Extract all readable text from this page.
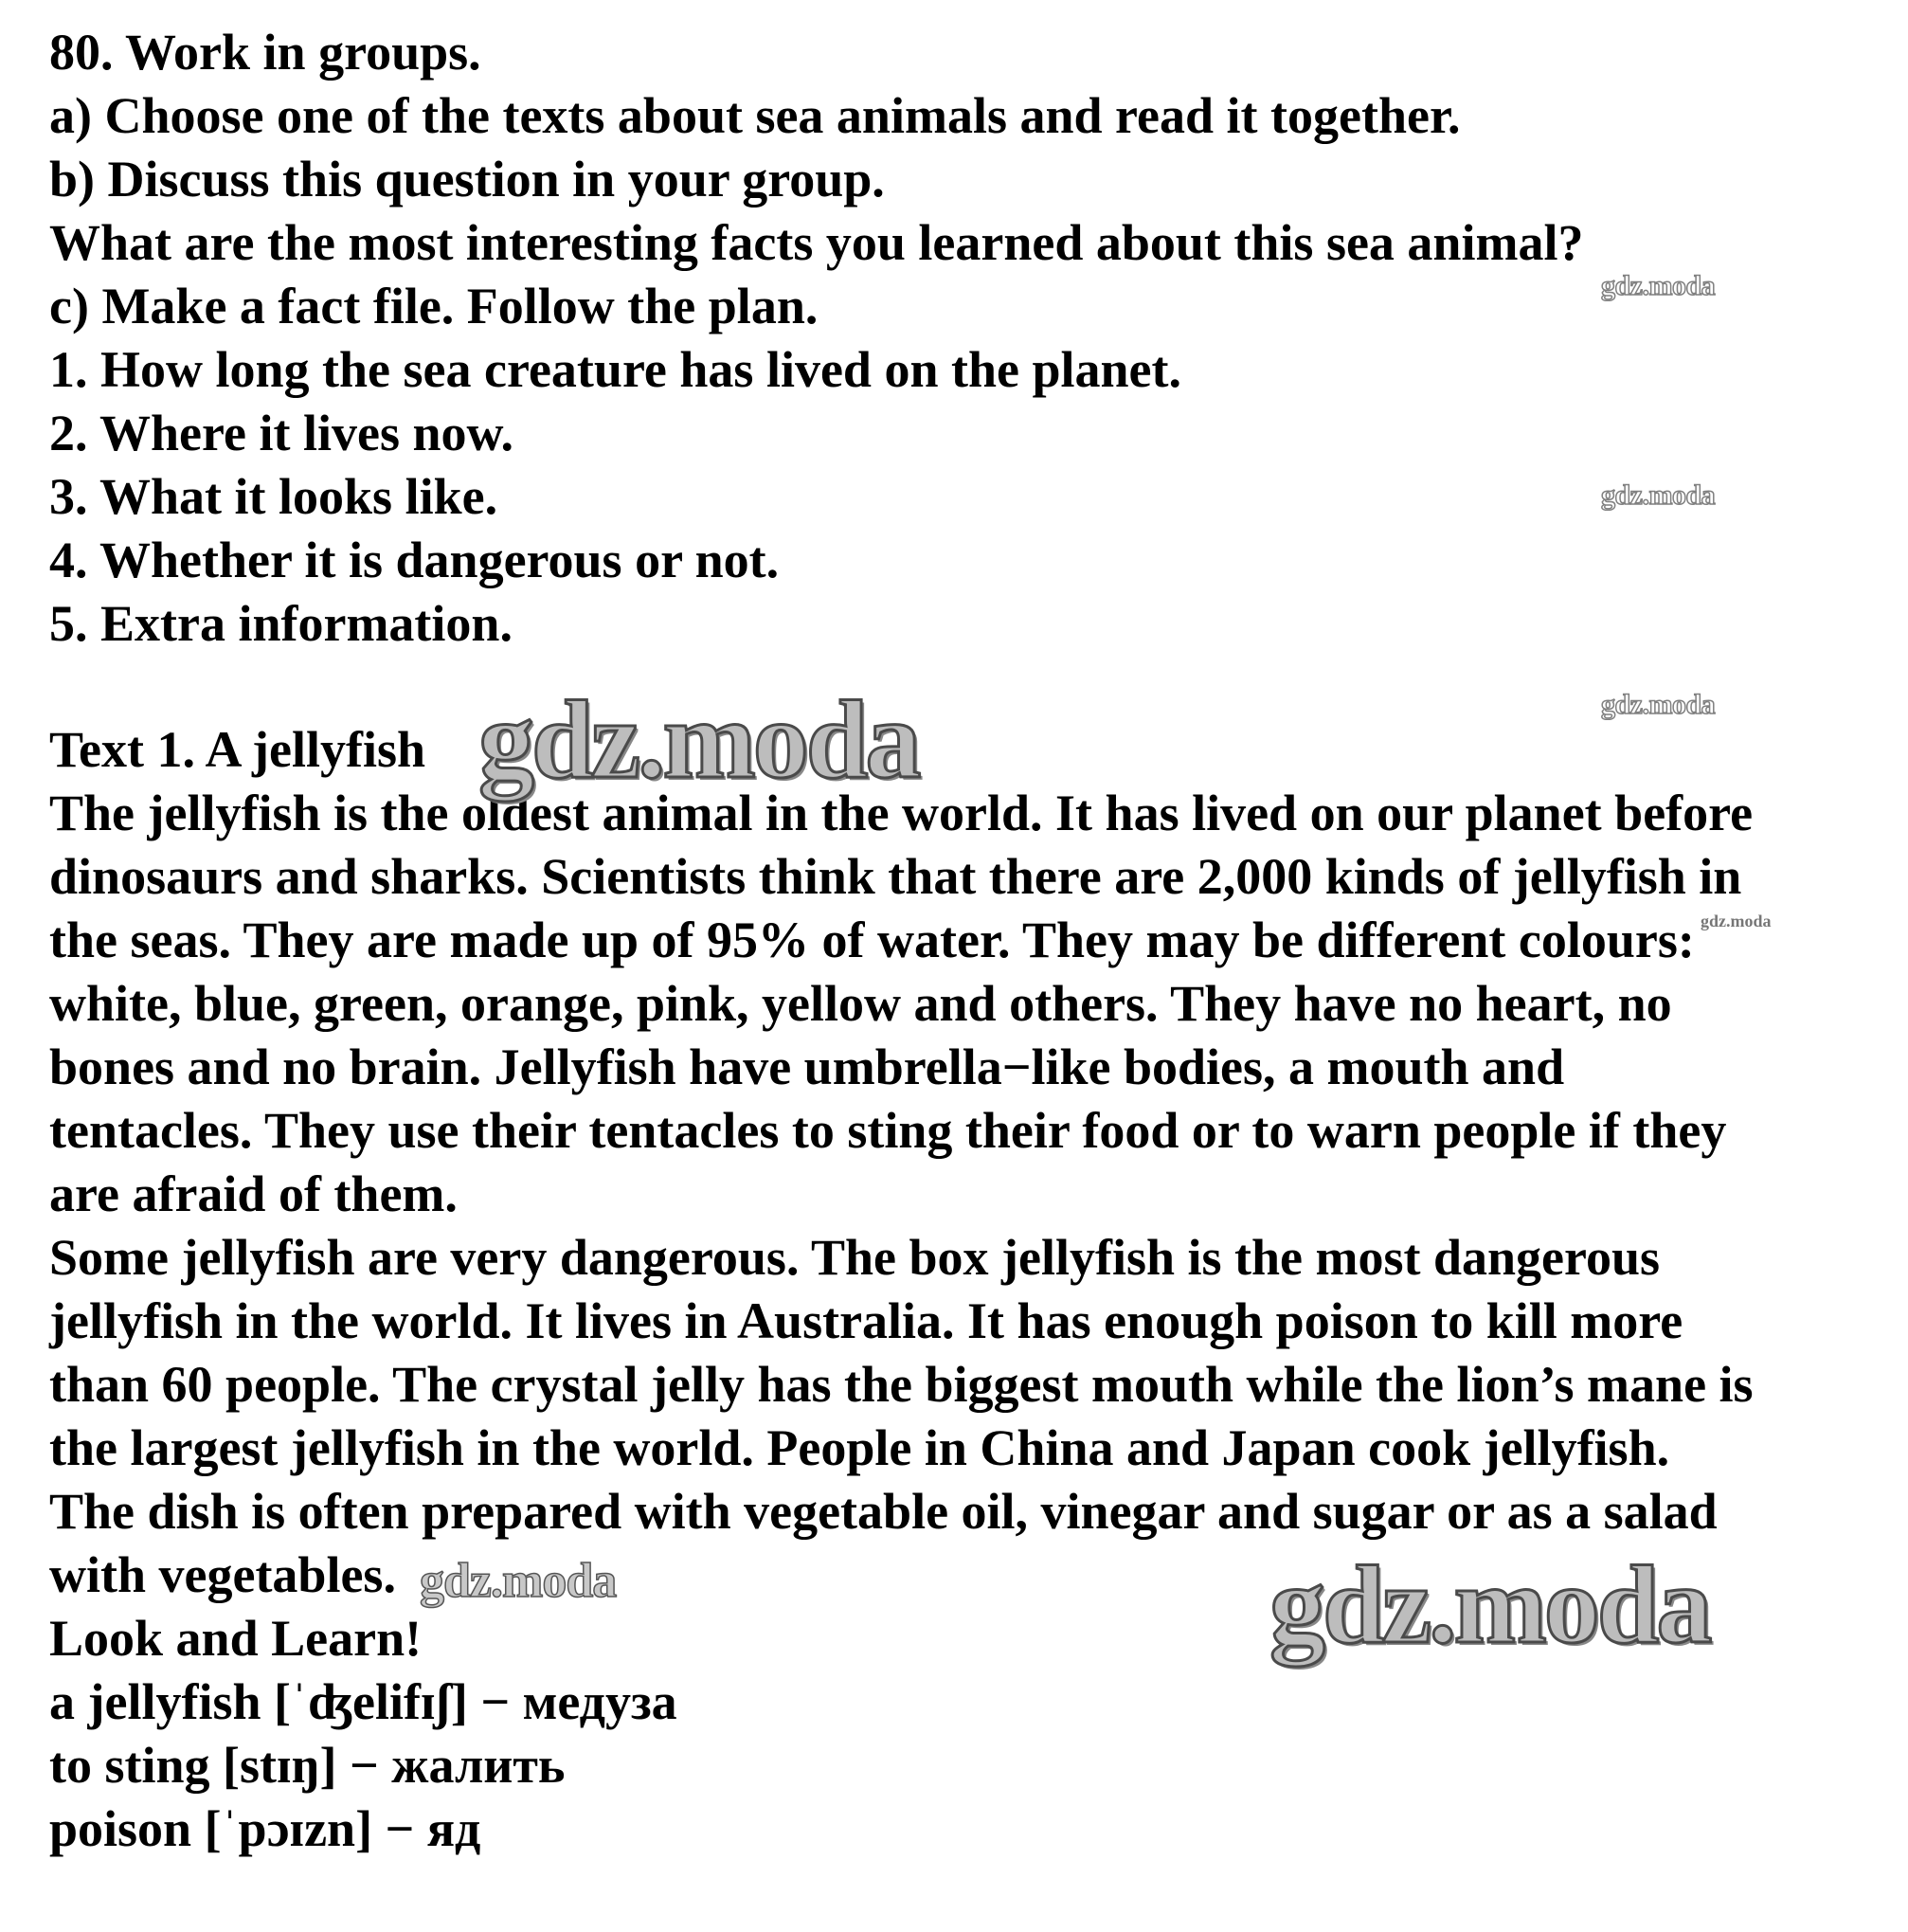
80. Work in groups.

a) Choose one of the texts about sea animals and read it together.

b) Discuss this question in your group.

What are the most interesting facts you learned about this sea animal?

c) Make a fact file. Follow the plan.

1. How long the sea creature has lived on the planet.

2. Where it lives now.

3. What it looks like.

4. Whether it is dangerous or not.

5. Extra information.

Text 1. A jellyfish

The jellyfish is the oldest animal in the world. It has lived on our planet before

dinosaurs and sharks. Scientists think that there are 2,000 kinds of jellyfish in

the seas. They are made up of 95% of water. They may be different colours:

white, blue, green, orange, pink, yellow and others. They have no heart, no

bones and no brain. Jellyfish have umbrella−like bodies, a mouth and

tentacles. They use their tentacles to sting their food or to warn people if they

are afraid of them.

Some jellyfish are very dangerous. The box jellyfish is the most dangerous

jellyfish in the world. It lives in Australia. It has enough poison to kill more

than 60 people. The crystal jelly has the biggest mouth while the lion’s mane is

the largest jellyfish in the world. People in China and Japan cook jellyfish.

The dish is often prepared with vegetable oil, vinegar and sugar or as a salad

with vegetables.

Look and Learn!

a jellyfish [ˈʤelifɪʃ] − медуза

to sting [stɪŋ] − жалить

poison [ˈpɔɪzn] − яд

gdz.moda
gdz.moda
gdz.moda
gdz.moda
gdz.moda
gdz.moda	gdz.moda
